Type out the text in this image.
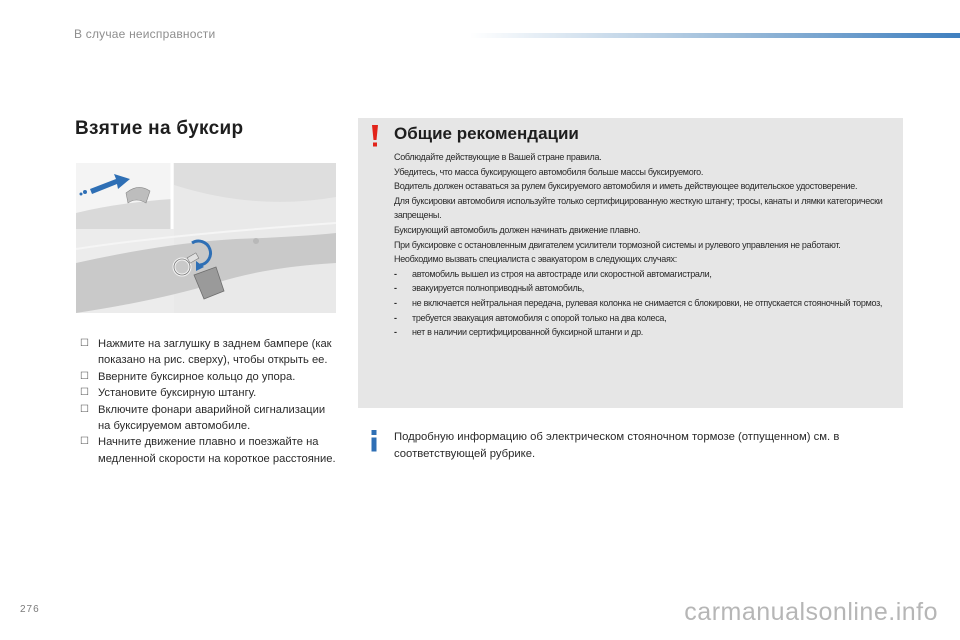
В случае неисправности
Взятие на буксир
☐ Нажмите на заглушку в заднем бампере (как показано на рис. сверху), чтобы открыть ее.
☐ Вверните буксирное кольцо до упора.
☐ Установите буксирную штангу.
☐ Включите фонари аварийной сигнализации на буксируемом автомобиле.
☐ Начните движение плавно и поезжайте на медленной скорости на короткое расстояние.
Общие рекомендации

Соблюдайте действующие в Вашей стране правила.

Убедитесь, что масса буксирующего автомобиля больше массы буксируемого.

Водитель должен оставаться за рулем буксируемого автомобиля и иметь действующее водительское удостоверение.

Для буксировки автомобиля используйте только сертифицированную жесткую штангу; тросы, канаты и лямки категорически запрещены.

Буксирующий автомобиль должен начинать движение плавно.

При буксировке с остановленным двигателем усилители тормозной системы и рулевого управления не работают.

Необходимо вызвать специалиста с эвакуатором в следующих случаях:

- автомобиль вышел из строя на автостраде или скоростной автомагистрали,

- эвакуируется полноприводный автомобиль,

- не включается нейтральная передача, рулевая колонка не снимается с блокировки, не отпускается стояночный тормоз,

- требуется эвакуация автомобиля с опорой только на два колеса,

- нет в наличии сертифицированной буксирной штанги и др.

Подробную информацию об электрическом стояночном тормозе (отпущенном) см. в соответствующей рубрике.
276	carmanualsonline.info
